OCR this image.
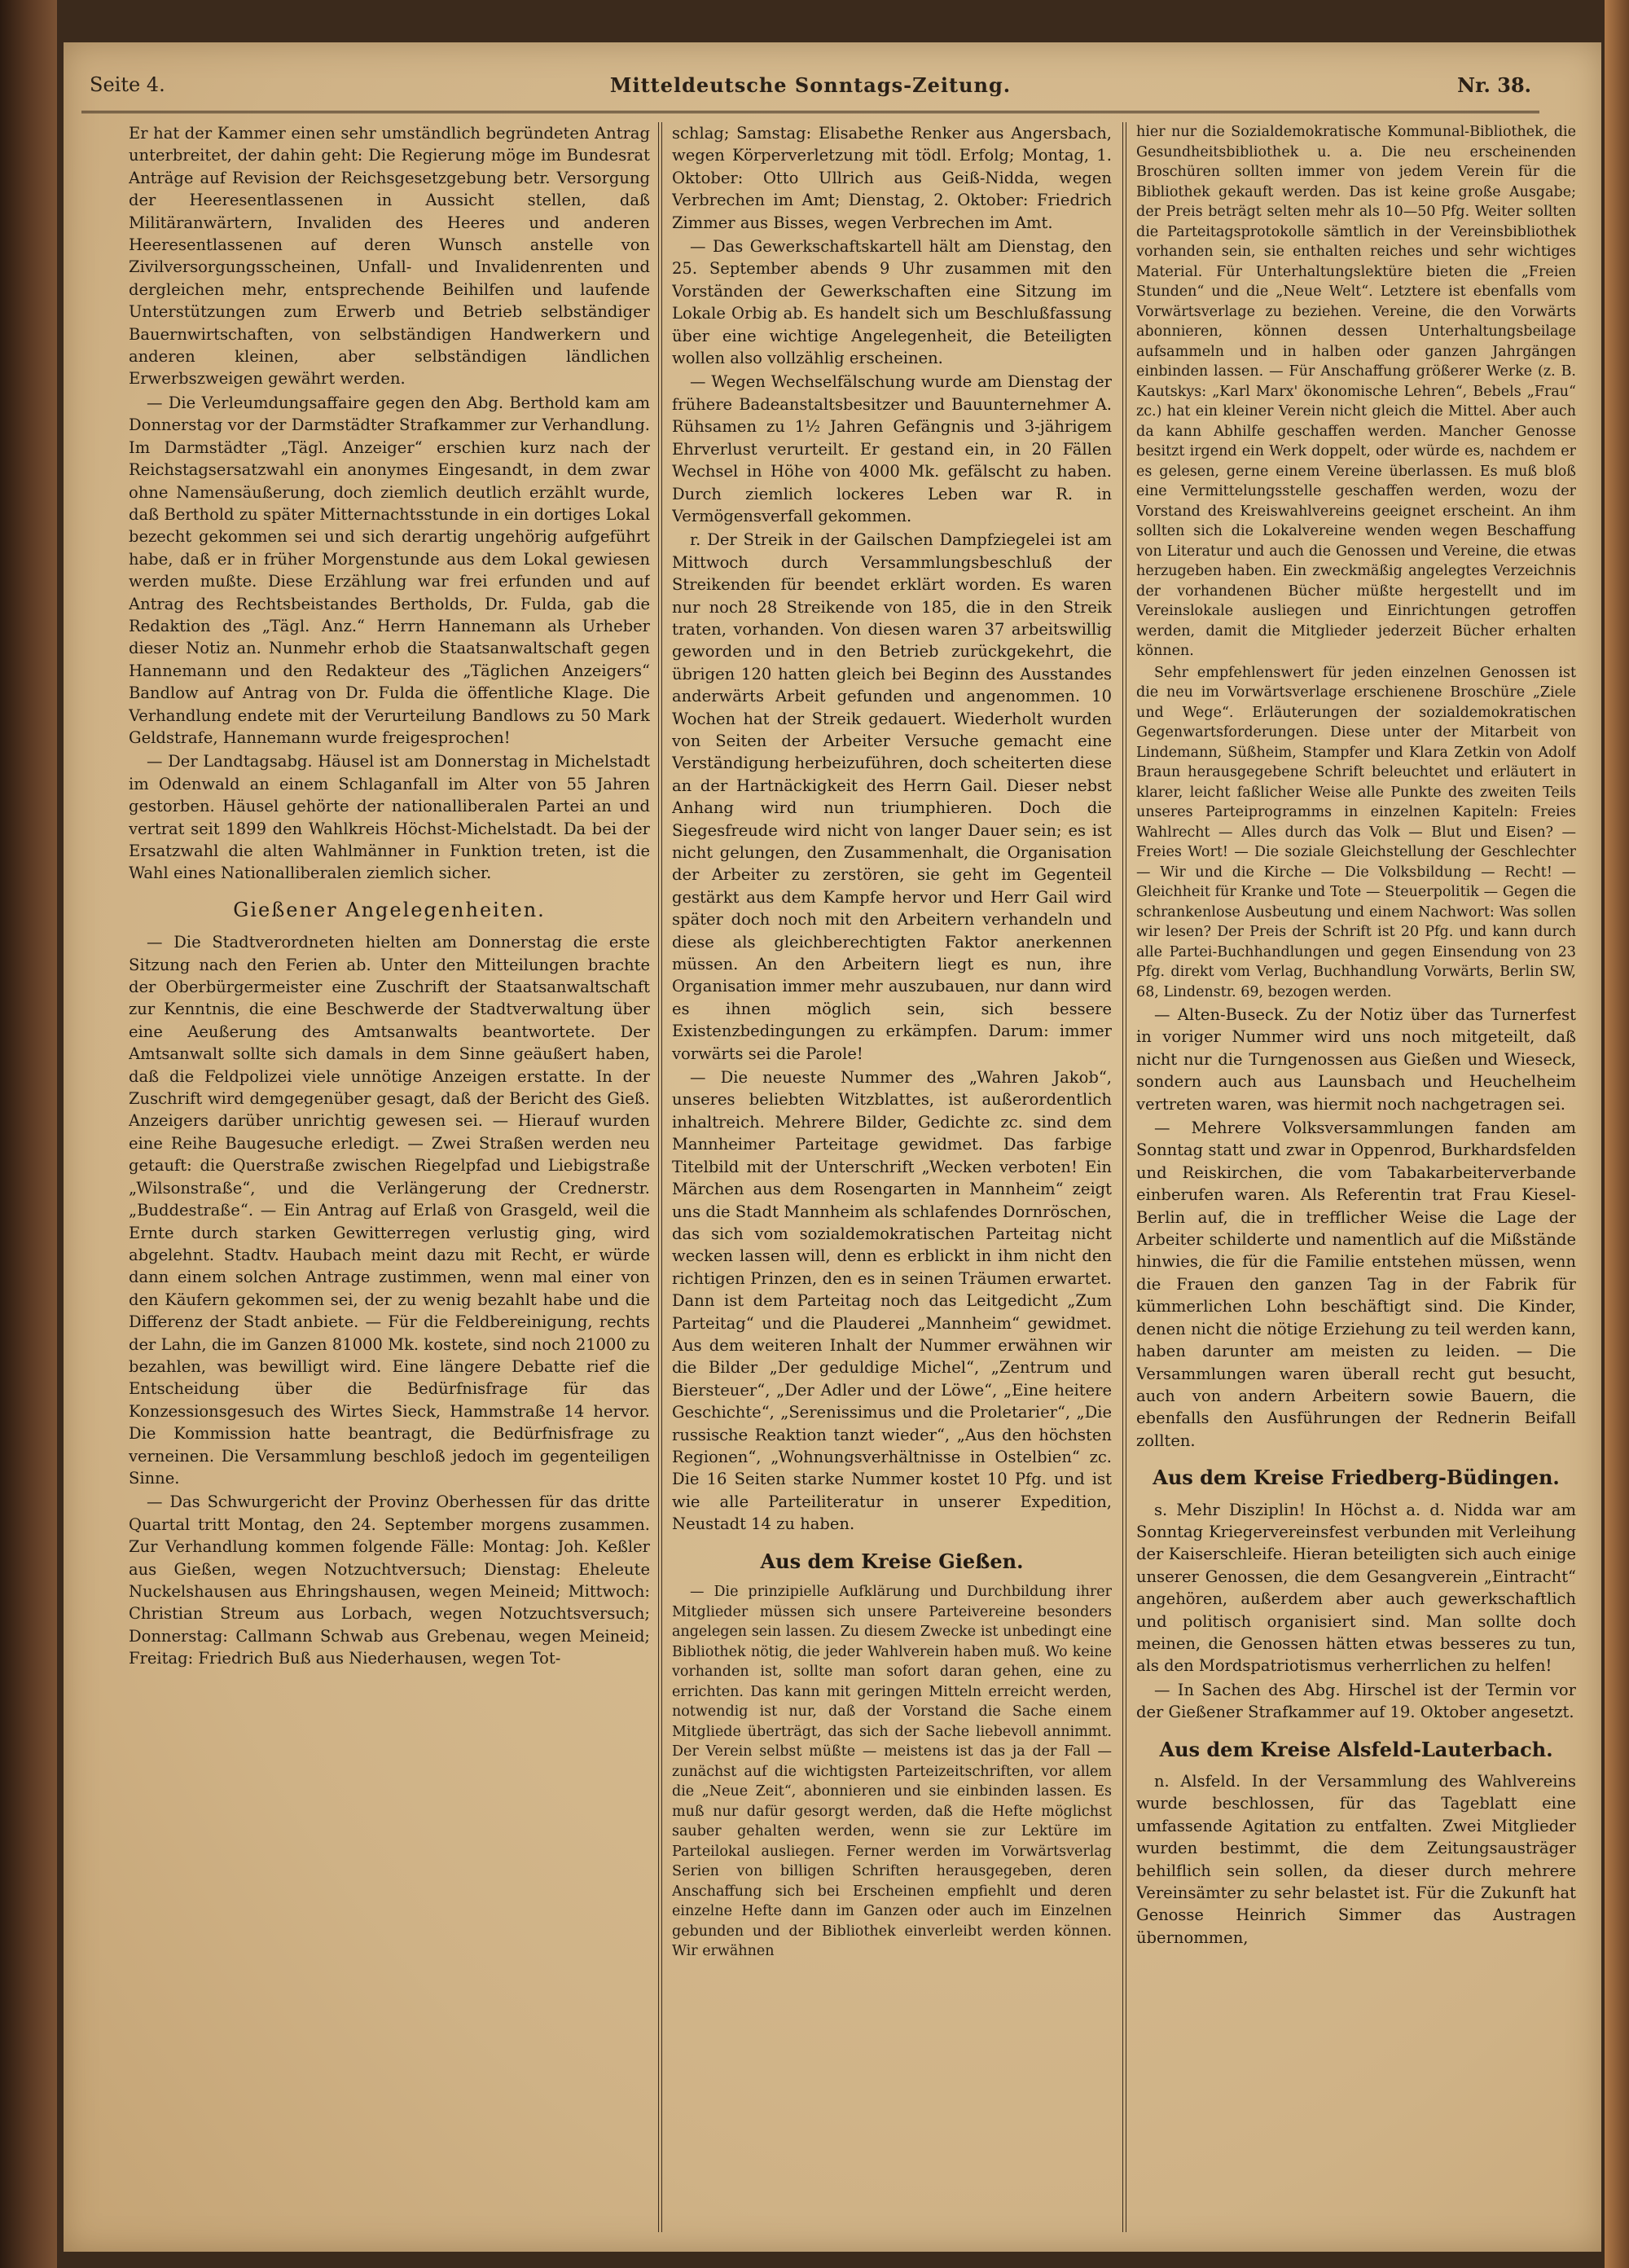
Seite 4.	Mitteldeutsche Sonntags-Zeitung.	Nr. 38.

Er hat der Kammer einen sehr umständlich begründeten Antrag unterbreitet, der dahin geht: Die Regierung möge im Bundesrat Anträge auf Revision der Reichsgesetzgebung betr. Versorgung der Heeresentlassenen in Aussicht stellen, daß Militäranwärtern, Invaliden des Heeres und anderen Heeresentlassenen auf deren Wunsch anstelle von Zivilversorgungsscheinen, Unfall- und Invalidenrenten und dergleichen mehr, entsprechende Beihilfen und laufende Unterstützungen zum Erwerb und Betrieb selbständiger Bauernwirtschaften, von selbständigen Handwerkern und anderen kleinen, aber selbständigen ländlichen Erwerbszweigen gewährt werden.

— Die Verleumdungsaffaire gegen den Abg. Berthold kam am Donnerstag vor der Darmstädter Strafkammer zur Verhandlung. Im Darmstädter „Tägl. Anzeiger“ erschien kurz nach der Reichstagsersatzwahl ein anonymes Eingesandt, in dem zwar ohne Namensäußerung, doch ziemlich deutlich erzählt wurde, daß Berthold zu später Mitternachtsstunde in ein dortiges Lokal bezecht gekommen sei und sich derartig ungehörig aufgeführt habe, daß er in früher Morgenstunde aus dem Lokal gewiesen werden mußte. Diese Erzählung war frei erfunden und auf Antrag des Rechtsbeistandes Bertholds, Dr. Fulda, gab die Redaktion des „Tägl. Anz.“ Herrn Hannemann als Urheber dieser Notiz an. Nunmehr erhob die Staatsanwaltschaft gegen Hannemann und den Redakteur des „Täglichen Anzeigers“ Bandlow auf Antrag von Dr. Fulda die öffentliche Klage. Die Verhandlung endete mit der Verurteilung Bandlows zu 50 Mark Geldstrafe, Hannemann wurde freigesprochen!

— Der Landtagsabg. Häusel ist am Donnerstag in Michelstadt im Odenwald an einem Schlaganfall im Alter von 55 Jahren gestorben. Häusel gehörte der nationalliberalen Partei an und vertrat seit 1899 den Wahlkreis Höchst-Michelstadt. Da bei der Ersatzwahl die alten Wahlmänner in Funktion treten, ist die Wahl eines Nationalliberalen ziemlich sicher.

Gießener Angelegenheiten.

— Die Stadtverordneten hielten am Donnerstag die erste Sitzung nach den Ferien ab. Unter den Mitteilungen brachte der Oberbürgermeister eine Zuschrift der Staatsanwaltschaft zur Kenntnis, die eine Beschwerde der Stadtverwaltung über eine Aeußerung des Amtsanwalts beantwortete. Der Amtsanwalt sollte sich damals in dem Sinne geäußert haben, daß die Feldpolizei viele unnötige Anzeigen erstatte. In der Zuschrift wird demgegenüber gesagt, daß der Bericht des Gieß. Anzeigers darüber unrichtig gewesen sei. — Hierauf wurden eine Reihe Baugesuche erledigt. — Zwei Straßen werden neu getauft: die Querstraße zwischen Riegelpfad und Liebigstraße „Wilsonstraße“, und die Verlängerung der Crednerstr. „Buddestraße“. — Ein Antrag auf Erlaß von Grasgeld, weil die Ernte durch starken Gewitterregen verlustig ging, wird abgelehnt. Stadtv. Haubach meint dazu mit Recht, er würde dann einem solchen Antrage zustimmen, wenn mal einer von den Käufern gekommen sei, der zu wenig bezahlt habe und die Differenz der Stadt anbiete. — Für die Feldbereinigung, rechts der Lahn, die im Ganzen 81000 Mk. kostete, sind noch 21000 zu bezahlen, was bewilligt wird. Eine längere Debatte rief die Entscheidung über die Bedürfnisfrage für das Konzessionsgesuch des Wirtes Sieck, Hammstraße 14 hervor. Die Kommission hatte beantragt, die Bedürfnisfrage zu verneinen. Die Versammlung beschloß jedoch im gegenteiligen Sinne.

— Das Schwurgericht der Provinz Oberhessen für das dritte Quartal tritt Montag, den 24. September morgens zusammen. Zur Verhandlung kommen folgende Fälle: Montag: Joh. Keßler aus Gießen, wegen Notzuchtversuch; Dienstag: Eheleute Nuckelshausen aus Ehringshausen, wegen Meineid; Mittwoch: Christian Streum aus Lorbach, wegen Notzuchtsversuch; Donnerstag: Callmann Schwab aus Grebenau, wegen Meineid; Freitag: Friedrich Buß aus Niederhausen, wegen Tot-

schlag; Samstag: Elisabethe Renker aus Angersbach, wegen Körperverletzung mit tödl. Erfolg; Montag, 1. Oktober: Otto Ullrich aus Geiß-Nidda, wegen Verbrechen im Amt; Dienstag, 2. Oktober: Friedrich Zimmer aus Bisses, wegen Verbrechen im Amt.

— Das Gewerkschaftskartell hält am Dienstag, den 25. September abends 9 Uhr zusammen mit den Vorständen der Gewerkschaften eine Sitzung im Lokale Orbig ab. Es handelt sich um Beschlußfassung über eine wichtige Angelegenheit, die Beteiligten wollen also vollzählig erscheinen.

— Wegen Wechselfälschung wurde am Dienstag der frühere Badeanstaltsbesitzer und Bauunternehmer A. Rühsamen zu 1½ Jahren Gefängnis und 3-jährigem Ehrverlust verurteilt. Er gestand ein, in 20 Fällen Wechsel in Höhe von 4000 Mk. gefälscht zu haben. Durch ziemlich lockeres Leben war R. in Vermögensverfall gekommen.

r. Der Streik in der Gailschen Dampfziegelei ist am Mittwoch durch Versammlungsbeschluß der Streikenden für beendet erklärt worden. Es waren nur noch 28 Streikende von 185, die in den Streik traten, vorhanden. Von diesen waren 37 arbeitswillig geworden und in den Betrieb zurückgekehrt, die übrigen 120 hatten gleich bei Beginn des Ausstandes anderwärts Arbeit gefunden und angenommen. 10 Wochen hat der Streik gedauert. Wiederholt wurden von Seiten der Arbeiter Versuche gemacht eine Verständigung herbeizuführen, doch scheiterten diese an der Hartnäckigkeit des Herrn Gail. Dieser nebst Anhang wird nun triumphieren. Doch die Siegesfreude wird nicht von langer Dauer sein; es ist nicht gelungen, den Zusammenhalt, die Organisation der Arbeiter zu zerstören, sie geht im Gegenteil gestärkt aus dem Kampfe hervor und Herr Gail wird später doch noch mit den Arbeitern verhandeln und diese als gleichberechtigten Faktor anerkennen müssen. An den Arbeitern liegt es nun, ihre Organisation immer mehr auszubauen, nur dann wird es ihnen möglich sein, sich bessere Existenzbedingungen zu erkämpfen. Darum: immer vorwärts sei die Parole!

— Die neueste Nummer des „Wahren Jakob“, unseres beliebten Witzblattes, ist außerordentlich inhaltreich. Mehrere Bilder, Gedichte zc. sind dem Mannheimer Parteitage gewidmet. Das farbige Titelbild mit der Unterschrift „Wecken verboten! Ein Märchen aus dem Rosengarten in Mannheim“ zeigt uns die Stadt Mannheim als schlafendes Dornröschen, das sich vom sozialdemokratischen Parteitag nicht wecken lassen will, denn es erblickt in ihm nicht den richtigen Prinzen, den es in seinen Träumen erwartet. Dann ist dem Parteitag noch das Leitgedicht „Zum Parteitag“ und die Plauderei „Mannheim“ gewidmet. Aus dem weiteren Inhalt der Nummer erwähnen wir die Bilder „Der geduldige Michel“, „Zentrum und Biersteuer“, „Der Adler und der Löwe“, „Eine heitere Geschichte“, „Serenissimus und die Proletarier“, „Die russische Reaktion tanzt wieder“, „Aus den höchsten Regionen“, „Wohnungsverhältnisse in Ostelbien“ zc. Die 16 Seiten starke Nummer kostet 10 Pfg. und ist wie alle Parteiliteratur in unserer Expedition, Neustadt 14 zu haben.

Aus dem Kreise Gießen.

— Die prinzipielle Aufklärung und Durchbildung ihrer Mitglieder müssen sich unsere Parteivereine besonders angelegen sein lassen. Zu diesem Zwecke ist unbedingt eine Bibliothek nötig, die jeder Wahlverein haben muß. Wo keine vorhanden ist, sollte man sofort daran gehen, eine zu errichten. Das kann mit geringen Mitteln erreicht werden, notwendig ist nur, daß der Vorstand die Sache einem Mitgliede überträgt, das sich der Sache liebevoll annimmt. Der Verein selbst müßte — meistens ist das ja der Fall — zunächst auf die wichtigsten Parteizeitschriften, vor allem die „Neue Zeit“, abonnieren und sie einbinden lassen. Es muß nur dafür gesorgt werden, daß die Hefte möglichst sauber gehalten werden, wenn sie zur Lektüre im Parteilokal ausliegen. Ferner werden im Vorwärtsverlag Serien von billigen Schriften herausgegeben, deren Anschaffung sich bei Erscheinen empfiehlt und deren einzelne Hefte dann im Ganzen oder auch im Einzelnen gebunden und der Bibliothek einverleibt werden können. Wir erwähnen

hier nur die Sozialdemokratische Kommunal-Bibliothek, die Gesundheitsbibliothek u. a. Die neu erscheinenden Broschüren sollten immer von jedem Verein für die Bibliothek gekauft werden. Das ist keine große Ausgabe; der Preis beträgt selten mehr als 10—50 Pfg. Weiter sollten die Parteitagsprotokolle sämtlich in der Vereinsbibliothek vorhanden sein, sie enthalten reiches und sehr wichtiges Material. Für Unterhaltungslektüre bieten die „Freien Stunden“ und die „Neue Welt“. Letztere ist ebenfalls vom Vorwärtsverlage zu beziehen. Vereine, die den Vorwärts abonnieren, können dessen Unterhaltungsbeilage aufsammeln und in halben oder ganzen Jahrgängen einbinden lassen. — Für Anschaffung größerer Werke (z. B. Kautskys: „Karl Marx' ökonomische Lehren“, Bebels „Frau“ zc.) hat ein kleiner Verein nicht gleich die Mittel. Aber auch da kann Abhilfe geschaffen werden. Mancher Genosse besitzt irgend ein Werk doppelt, oder würde es, nachdem er es gelesen, gerne einem Vereine überlassen. Es muß bloß eine Vermittelungsstelle geschaffen werden, wozu der Vorstand des Kreiswahlvereins geeignet erscheint. An ihm sollten sich die Lokalvereine wenden wegen Beschaffung von Literatur und auch die Genossen und Vereine, die etwas herzugeben haben. Ein zweckmäßig angelegtes Verzeichnis der vorhandenen Bücher müßte hergestellt und im Vereinslokale ausliegen und Einrichtungen getroffen werden, damit die Mitglieder jederzeit Bücher erhalten können.

Sehr empfehlenswert für jeden einzelnen Genossen ist die neu im Vorwärtsverlage erschienene Broschüre „Ziele und Wege“. Erläuterungen der sozialdemokratischen Gegenwartsforderungen. Diese unter der Mitarbeit von Lindemann, Süßheim, Stampfer und Klara Zetkin von Adolf Braun herausgegebene Schrift beleuchtet und erläutert in klarer, leicht faßlicher Weise alle Punkte des zweiten Teils unseres Parteiprogramms in einzelnen Kapiteln: Freies Wahlrecht — Alles durch das Volk — Blut und Eisen? — Freies Wort! — Die soziale Gleichstellung der Geschlechter — Wir und die Kirche — Die Volksbildung — Recht! — Gleichheit für Kranke und Tote — Steuerpolitik — Gegen die schrankenlose Ausbeutung und einem Nachwort: Was sollen wir lesen? Der Preis der Schrift ist 20 Pfg. und kann durch alle Partei-Buchhandlungen und gegen Einsendung von 23 Pfg. direkt vom Verlag, Buchhandlung Vorwärts, Berlin SW, 68, Lindenstr. 69, bezogen werden.

— Alten-Buseck. Zu der Notiz über das Turnerfest in voriger Nummer wird uns noch mitgeteilt, daß nicht nur die Turngenossen aus Gießen und Wieseck, sondern auch aus Launsbach und Heuchelheim vertreten waren, was hiermit noch nachgetragen sei.

— Mehrere Volksversammlungen fanden am Sonntag statt und zwar in Oppenrod, Burkhardsfelden und Reiskirchen, die vom Tabakarbeiterverbande einberufen waren. Als Referentin trat Frau Kiesel-Berlin auf, die in trefflicher Weise die Lage der Arbeiter schilderte und namentlich auf die Mißstände hinwies, die für die Familie entstehen müssen, wenn die Frauen den ganzen Tag in der Fabrik für kümmerlichen Lohn beschäftigt sind. Die Kinder, denen nicht die nötige Erziehung zu teil werden kann, haben darunter am meisten zu leiden. — Die Versammlungen waren überall recht gut besucht, auch von andern Arbeitern sowie Bauern, die ebenfalls den Ausführungen der Rednerin Beifall zollten.

Aus dem Kreise Friedberg-Büdingen.

s. Mehr Disziplin! In Höchst a. d. Nidda war am Sonntag Kriegervereinsfest verbunden mit Verleihung der Kaiserschleife. Hieran beteiligten sich auch einige unserer Genossen, die dem Gesangverein „Eintracht“ angehören, außerdem aber auch gewerkschaftlich und politisch organisiert sind. Man sollte doch meinen, die Genossen hätten etwas besseres zu tun, als den Mordspatriotismus verherrlichen zu helfen!

— In Sachen des Abg. Hirschel ist der Termin vor der Gießener Strafkammer auf 19. Oktober angesetzt.

Aus dem Kreise Alsfeld-Lauterbach.

n. Alsfeld. In der Versammlung des Wahlvereins wurde beschlossen, für das Tageblatt eine umfassende Agitation zu entfalten. Zwei Mitglieder wurden bestimmt, die dem Zeitungsausträger behilflich sein sollen, da dieser durch mehrere Vereinsämter zu sehr belastet ist. Für die Zukunft hat Genosse Heinrich Simmer das Austragen übernommen,
